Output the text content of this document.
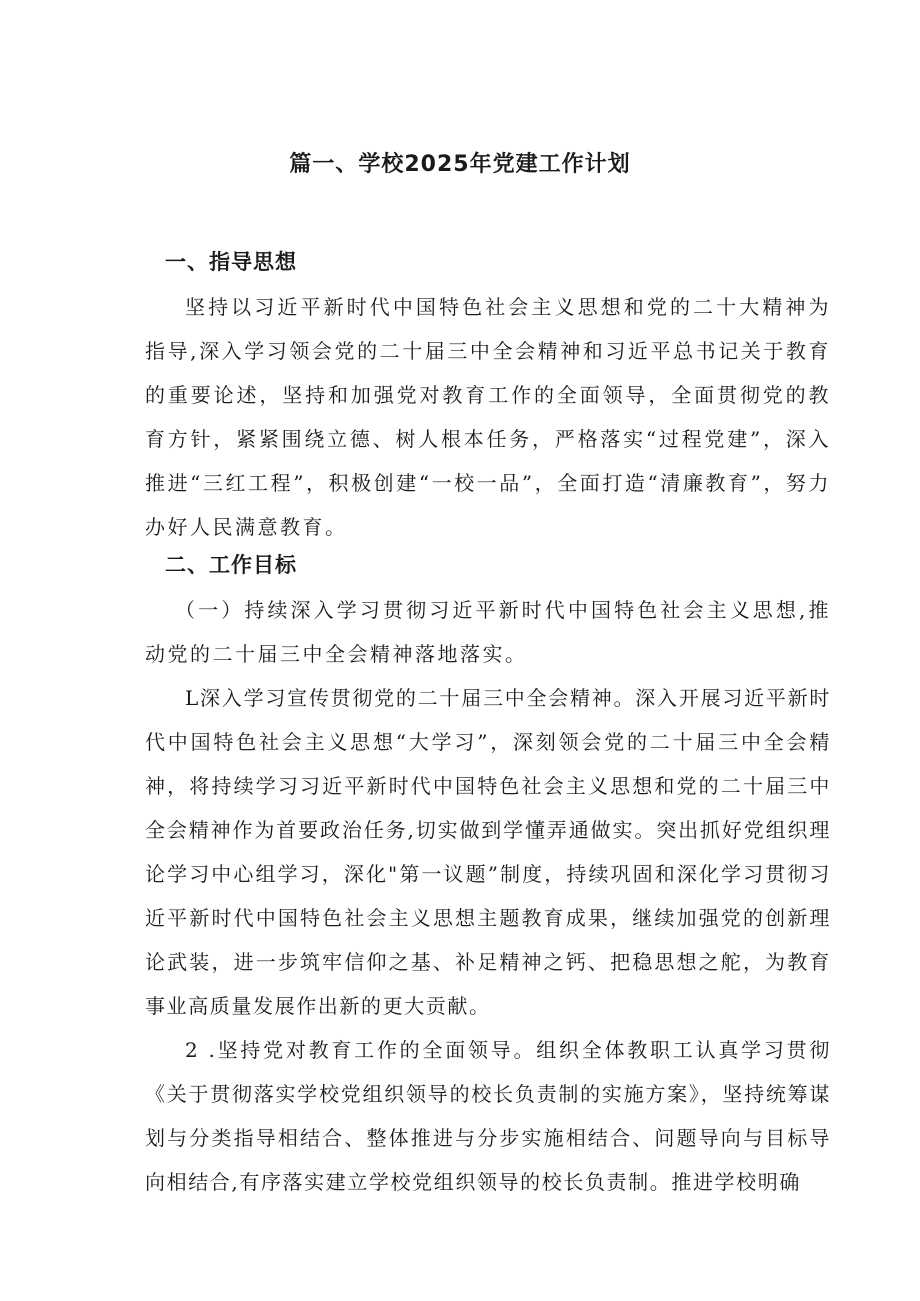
篇一、学校2025年党建工作计划
一、指导思想

坚持以习近平新时代中国特色社会主义思想和党的二十大精神为指导,深入学习领会党的二十届三中全会精神和习近平总书记关于教育的重要论述，坚持和加强党对教育工作的全面领导，全面贯彻党的教育方针，紧紧围绕立德、树人根本任务，严格落实“过程党建”，深入推进“三红工程”，积极创建“一校一品”，全面打造“清廉教育”，努力办好人民满意教育。

二、工作目标

（一）持续深入学习贯彻习近平新时代中国特色社会主义思想,推动党的二十届三中全会精神落地落实。

L深入学习宣传贯彻党的二十届三中全会精神。深入开展习近平新时代中国特色社会主义思想“大学习”，深刻领会党的二十届三中全会精神，将持续学习习近平新时代中国特色社会主义思想和党的二十届三中全会精神作为首要政治任务,切实做到学懂弄通做实。突出抓好党组织理论学习中心组学习，深化"第一议题”制度，持续巩固和深化学习贯彻习近平新时代中国特色社会主义思想主题教育成果，继续加强党的创新理论武装，进一步筑牢信仰之基、补足精神之钙、把稳思想之舵，为教育事业高质量发展作出新的更大贡献。

2 .坚持党对教育工作的全面领导。组织全体教职工认真学习贯彻《关于贯彻落实学校党组织领导的校长负责制的实施方案》，坚持统筹谋划与分类指导相结合、整体推进与分步实施相结合、问题导向与目标导向相结合,有序落实建立学校党组织领导的校长负责制。推进学校明确
